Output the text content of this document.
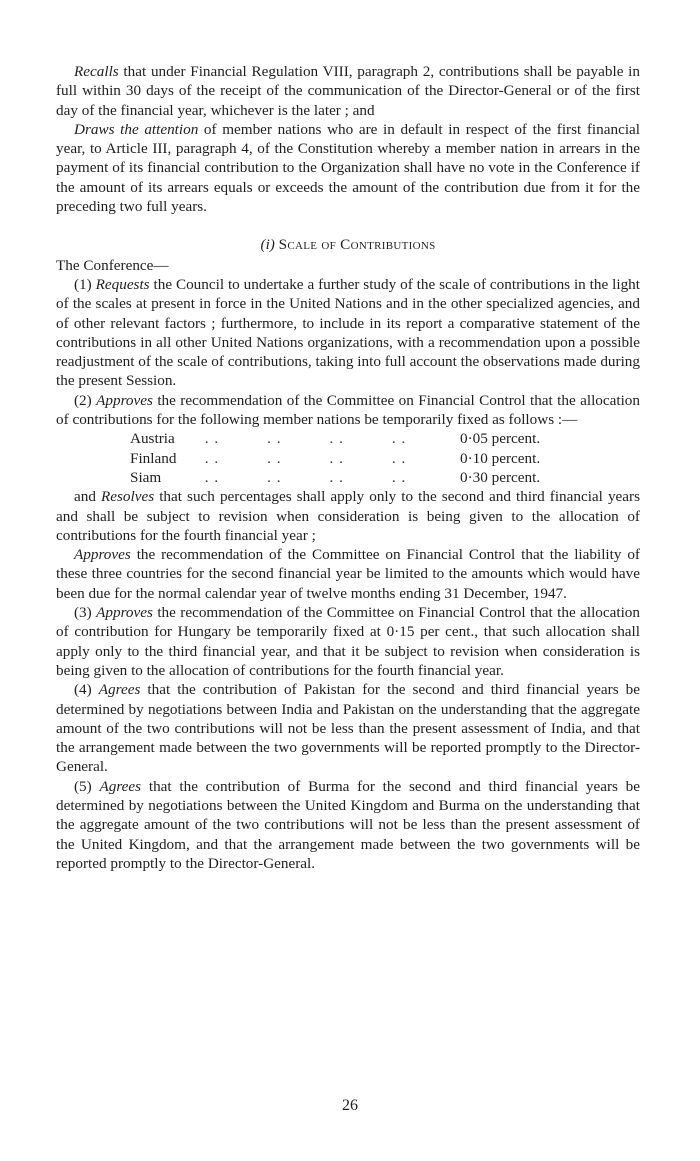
Recalls that under Financial Regulation VIII, paragraph 2, contributions shall be payable in full within 30 days of the receipt of the communication of the Director-General or of the first day of the financial year, whichever is the later ; and

Draws the attention of member nations who are in default in respect of the first financial year, to Article III, paragraph 4, of the Constitution whereby a member nation in arrears in the payment of its financial contribution to the Organization shall have no vote in the Conference if the amount of its arrears equals or exceeds the amount of the contribution due from it for the preceding two full years.

(i) Scale of Contributions

The Conference—

(1) Requests the Council to undertake a further study of the scale of contributions in the light of the scales at present in force in the United Nations and in the other specialized agencies, and of other relevant factors ; furthermore, to include in its report a comparative statement of the contributions in all other United Nations organizations, with a recommendation upon a possible readjustment of the scale of contributions, taking into full account the observations made during the present Session.

(2) Approves the recommendation of the Committee on Financial Control that the allocation of contributions for the following member nations be temporarily fixed as follows :—

Austria	. .          . .          . .          . .	0·05 percent.
Finland	. .          . .          . .          . .	0·10 percent.
Siam	. .          . .          . .          . .	0·30 percent.

and Resolves that such percentages shall apply only to the second and third financial years and shall be subject to revision when consideration is being given to the allocation of contributions for the fourth financial year ;

Approves the recommendation of the Committee on Financial Control that the liability of these three countries for the second financial year be limited to the amounts which would have been due for the normal calendar year of twelve months ending 31 December, 1947.

(3) Approves the recommendation of the Committee on Financial Control that the allocation of contribution for Hungary be temporarily fixed at 0·15 per cent., that such allocation shall apply only to the third financial year, and that it be subject to revision when consideration is being given to the allocation of contributions for the fourth financial year.

(4) Agrees that the contribution of Pakistan for the second and third financial years be determined by negotiations between India and Pakistan on the understanding that the aggregate amount of the two contributions will not be less than the present assessment of India, and that the arrangement made between the two governments will be reported promptly to the Director-General.

(5) Agrees that the contribution of Burma for the second and third financial years be determined by negotiations between the United Kingdom and Burma on the understanding that the aggregate amount of the two contributions will not be less than the present assessment of the United Kingdom, and that the arrangement made between the two governments will be reported promptly to the Director-General.

26
